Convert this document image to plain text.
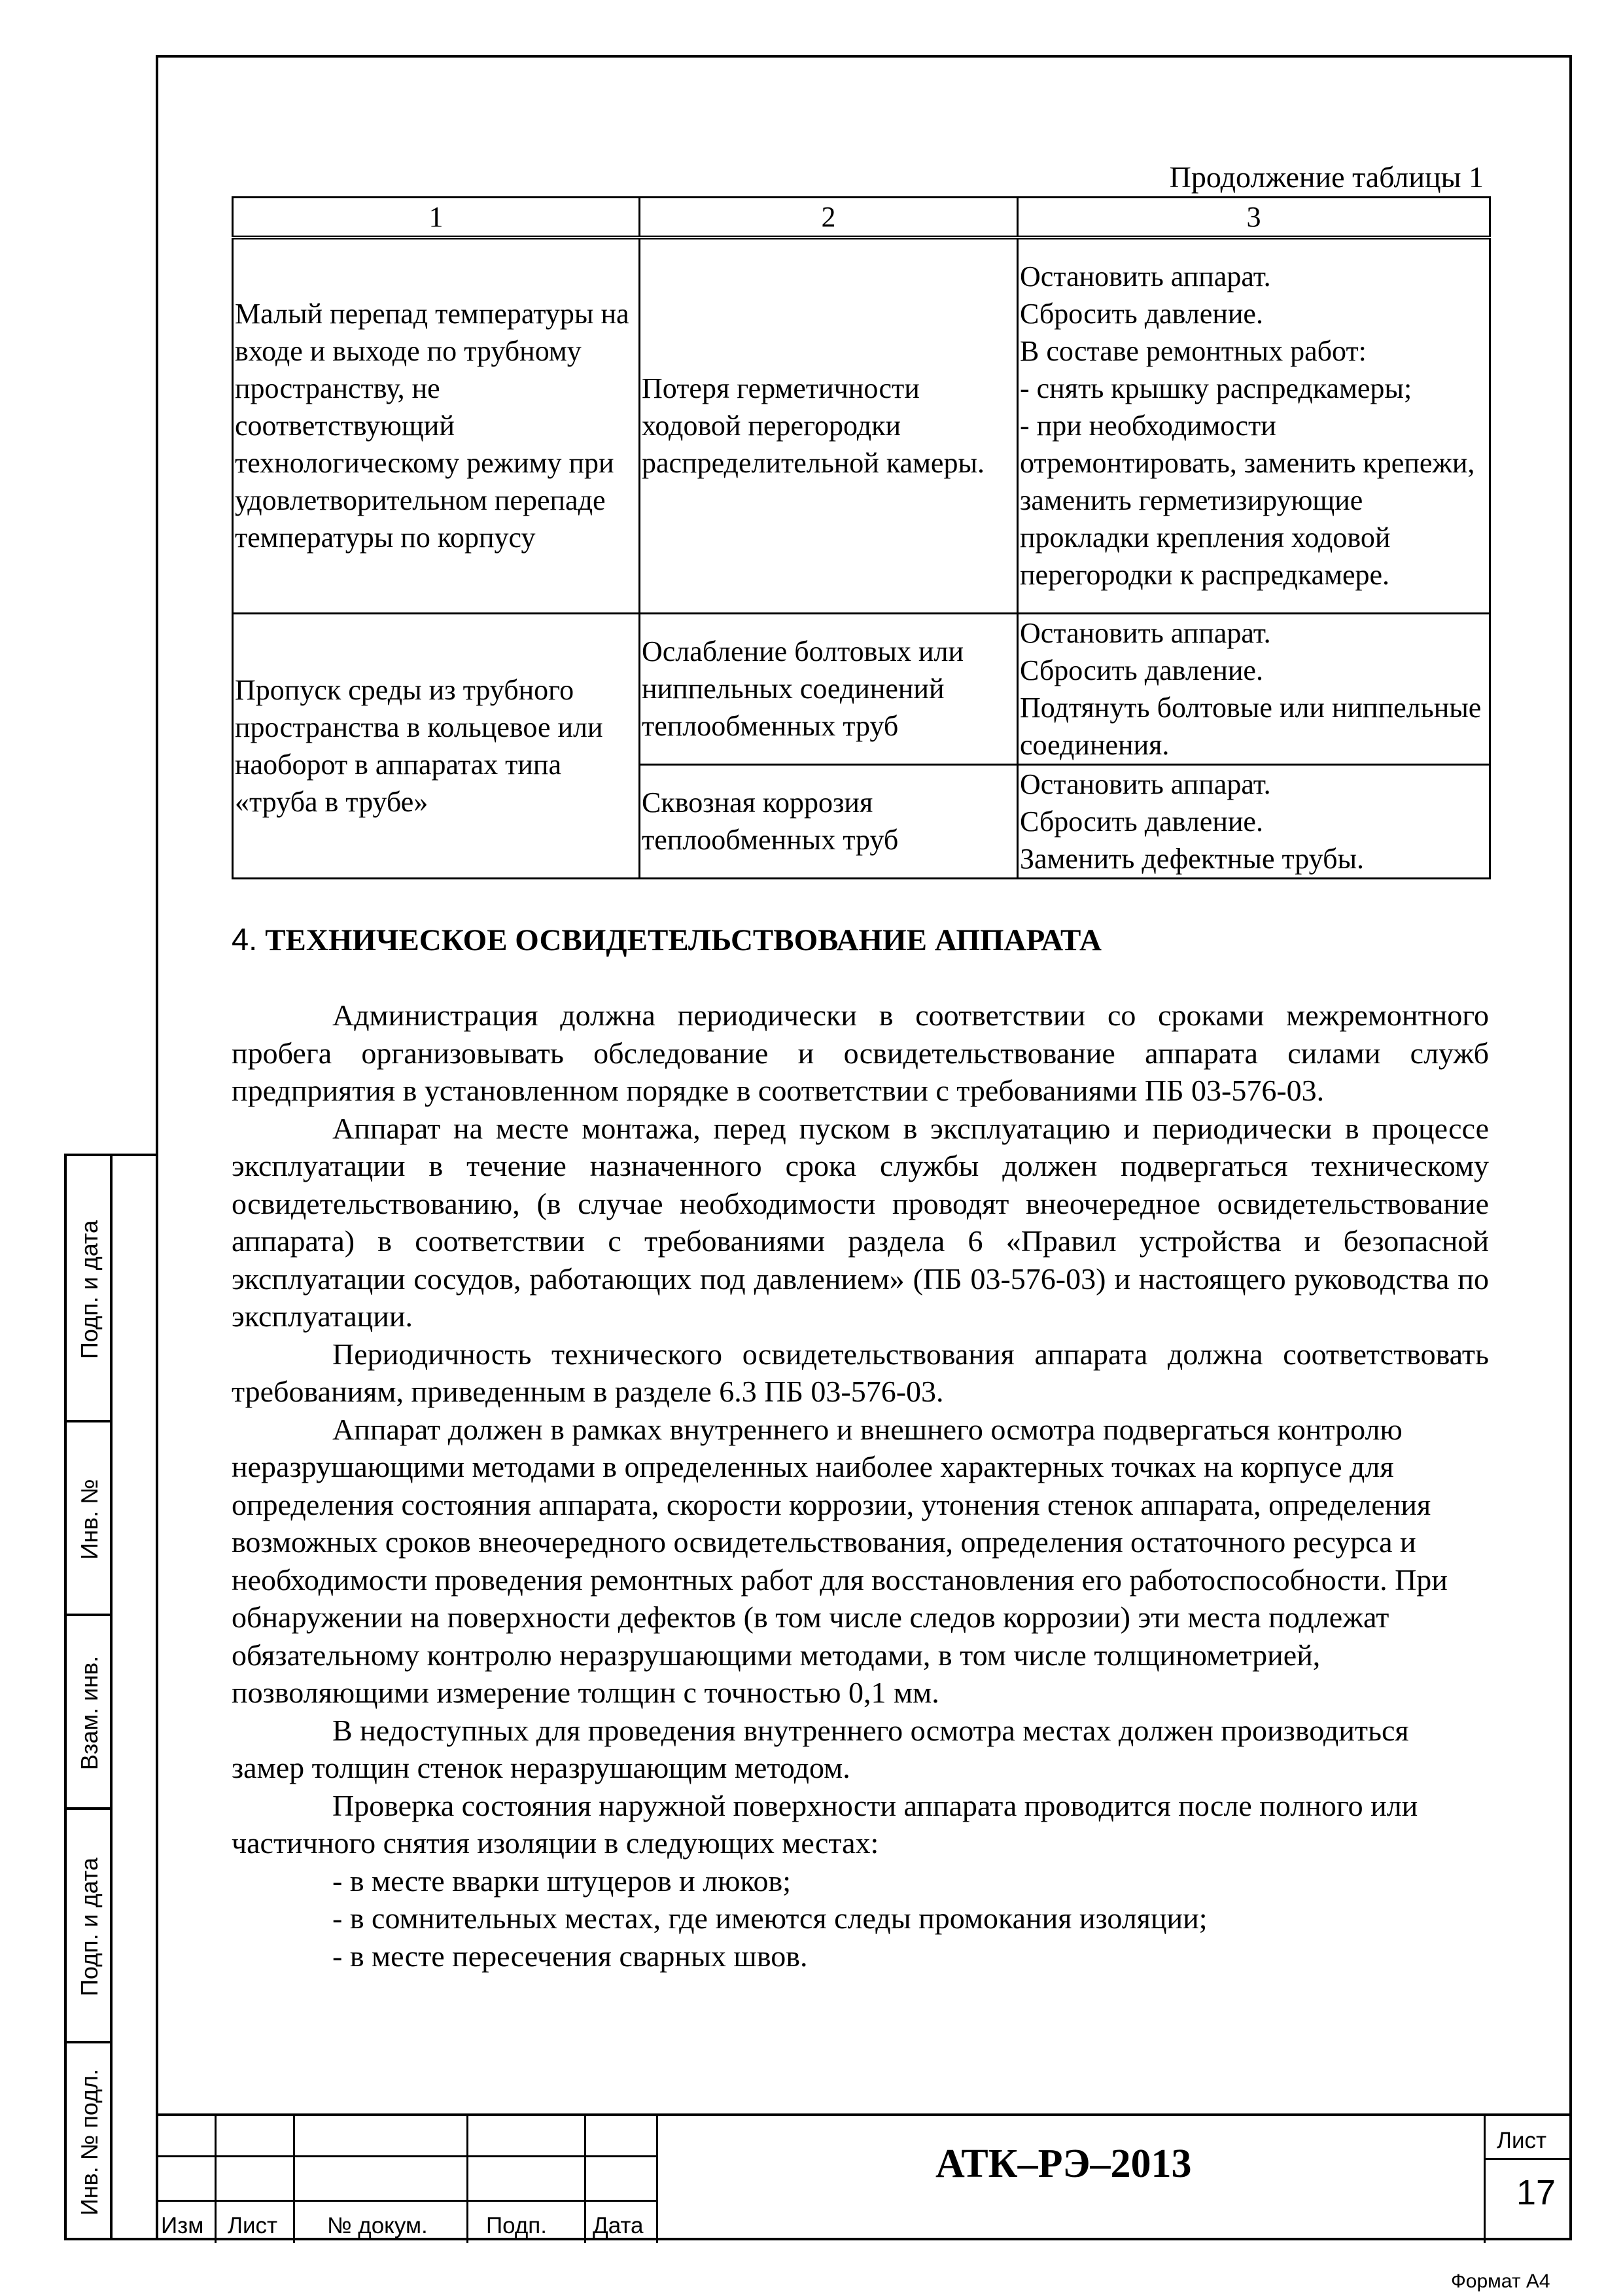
Продолжение таблицы 1
1	2	3
Малый перепад температуры на входе и выходе по трубному пространству, не соответствующий технологическому режиму при удовлетворительном перепаде температуры по корпусу	Потеря герметичности ходовой перегородки распределительной камеры.	Остановить аппарат.
Сбросить давление.
В составе ремонтных работ:
- снять крышку распредкамеры;
- при необходимости отремонтировать, заменить крепежи, заменить герметизирующие прокладки крепления ходовой перегородки к распредкамере.

Пропуск среды из трубного пространства в кольцевое или наоборот в аппаратах типа «труба в трубе»	Ослабление болтовых или ниппельных соединений теплообменных труб	Остановить аппарат.
Сбросить давление.
Подтянуть болтовые или ниппельные соединения.

	Сквозная коррозия теплообменных труб	Остановить аппарат.
Сбросить давление.
Заменить дефектные трубы.
4. ТЕХНИЧЕСКОЕ ОСВИДЕТЕЛЬСТВОВАНИЕ АППАРАТА

Администрация должна периодически в соответствии со сроками межремонтного пробега организовывать обследование и освидетельствование аппарата силами служб предприятия в установленном порядке в соответствии с требованиями ПБ 03-576-03.

Аппарат на месте монтажа, перед пуском в эксплуатацию и периодически в процессе эксплуатации в течение назначенного срока службы должен подвергаться техническому освидетельствованию, (в случае необходимости проводят внеочередное освидетельствование аппарата) в соответствии с требованиями раздела 6 «Правил устройства и безопасной эксплуатации сосудов, работающих под давлением» (ПБ 03-576-03) и настоящего руководства по эксплуатации.

Периодичность технического освидетельствования аппарата должна соответствовать требованиям, приведенным в разделе 6.3 ПБ 03-576-03.

Аппарат должен в рамках внутреннего и внешнего осмотра подвергаться контролю неразрушающими методами в определенных наиболее характерных точках на корпусе для определения состояния аппарата, скорости коррозии, утонения стенок аппарата, определения возможных сроков внеочередного освидетельствования, определения остаточного ресурса и необходимости проведения ремонтных работ для восстановления его работоспособности. При обнаружении на поверхности дефектов (в том числе следов коррозии) эти места подлежат обязательному контролю неразрушающими методами, в том числе толщинометрией, позволяющими измерение толщин с точностью 0,1 мм.

В недоступных для проведения внутреннего осмотра местах должен производиться замер толщин стенок неразрушающим методом.

Проверка состояния наружной поверхности аппарата проводится после полного или частичного снятия изоляции в следующих местах:

- в месте вварки штуцеров и люков;
- в сомнительных местах, где имеются следы промокания изоляции;
- в месте пересечения сварных швов.
Подп. и дата
Инв. №
Взам. инв.
Подп. и дата
Инв. № подл.
Изм Лист № докум.	Подп. Дата
АТК–РЭ–2013
Лист
17
Формат А4
